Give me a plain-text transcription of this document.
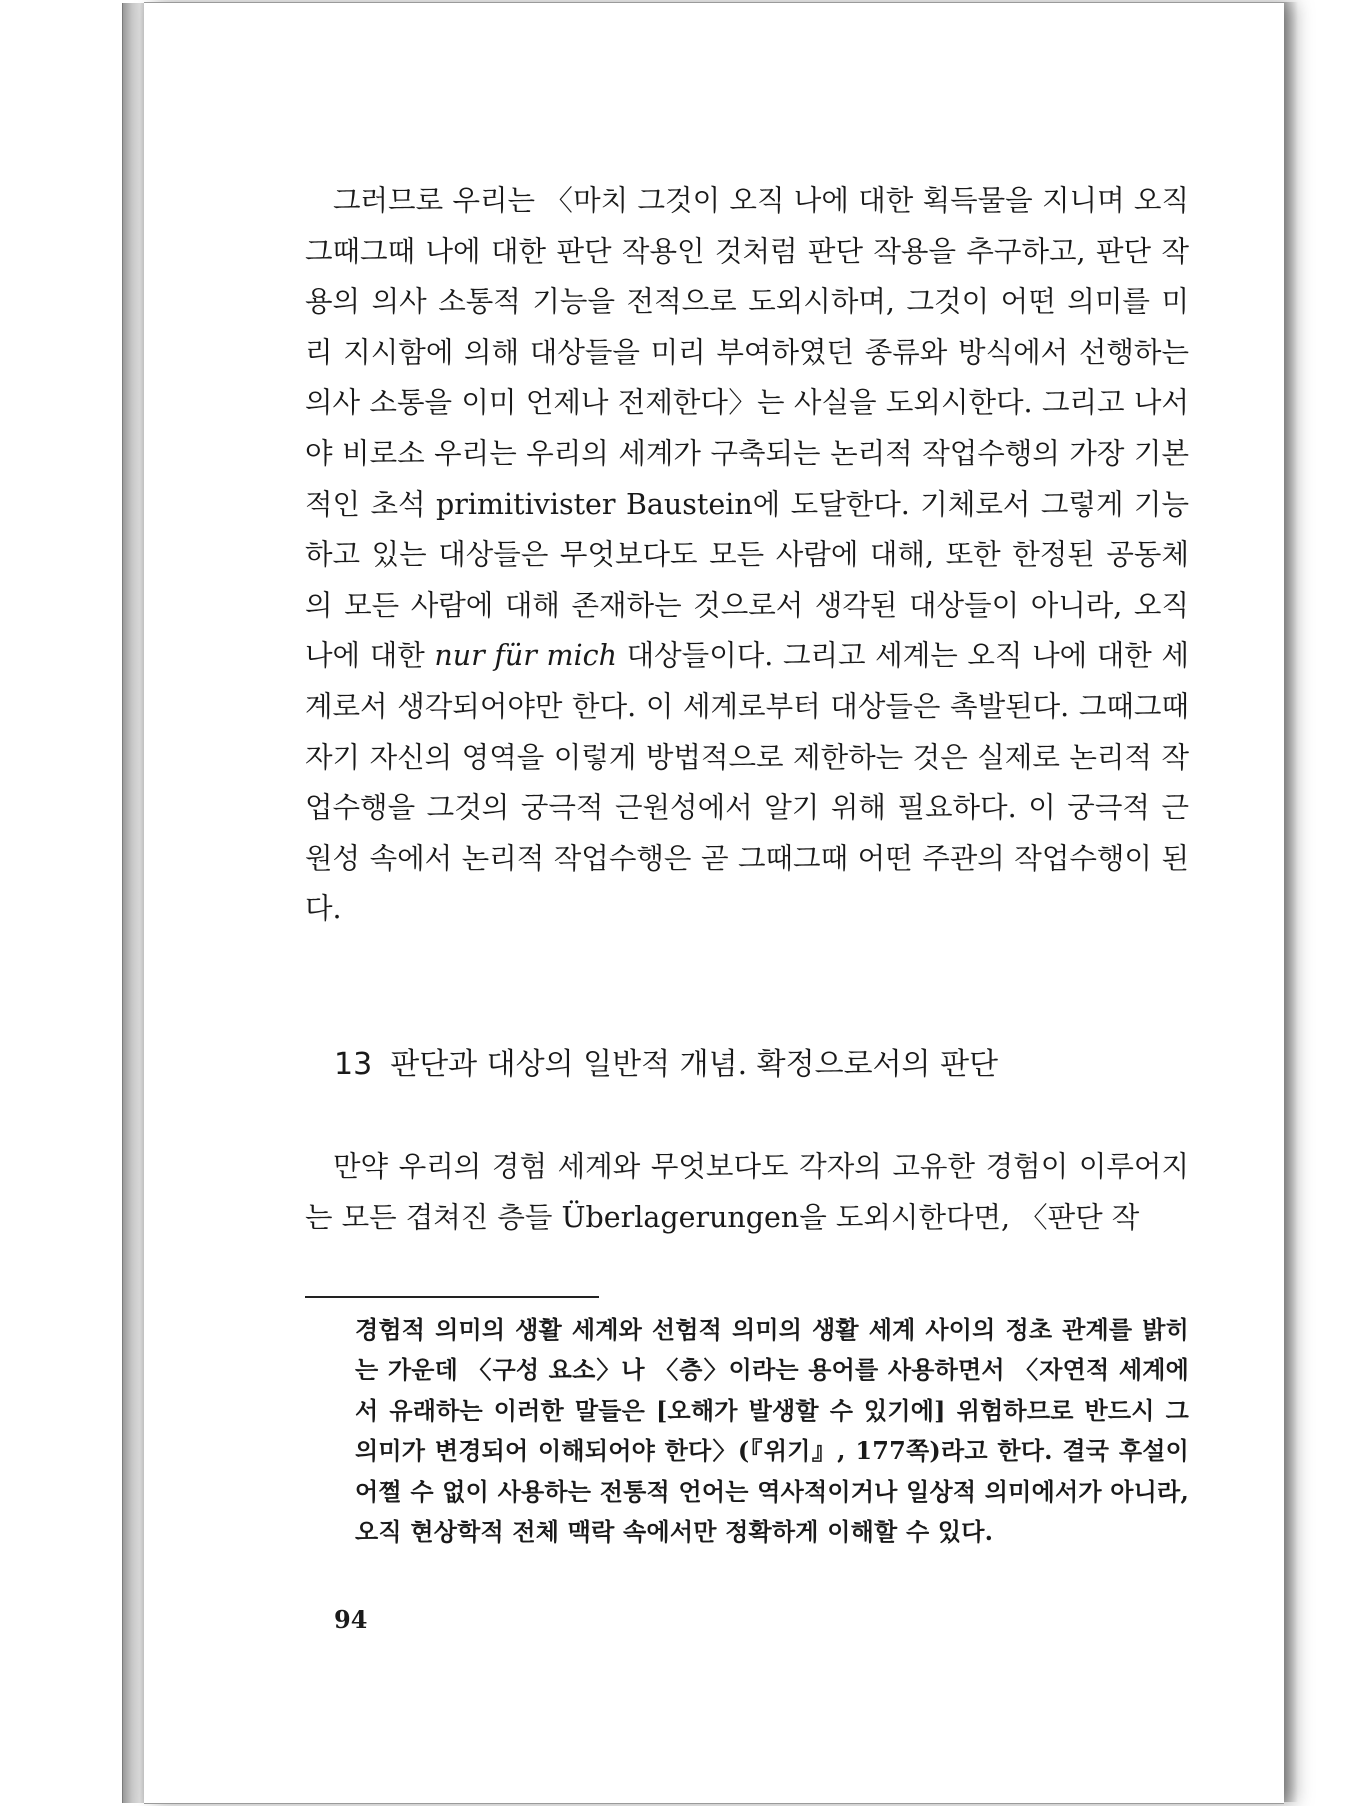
그러므로 우리는 〈마치 그것이 오직 나에 대한 획득물을 지니며 오직 그때그때 나에 대한 판단 작용인 것처럼 판단 작용을 추구하고, 판단 작용의 의사 소통적 기능을 전적으로 도외시하며, 그것이 어떤 의미를 미리 지시함에 의해 대상들을 미리 부여하였던 종류와 방식에서 선행하는 의사 소통을 이미 언제나 전제한다〉는 사실을 도외시한다. 그리고 나서야 비로소 우리는 우리의 세계가 구축되는 논리적 작업수행의 가장 기본적인 초석 primitivister Baustein에 도달한다. 기체로서 그렇게 기능하고 있는 대상들은 무엇보다도 모든 사람에 대해, 또한 한정된 공동체의 모든 사람에 대해 존재하는 것으로서 생각된 대상들이 아니라, 오직 나에 대한 nur für mich 대상들이다. 그리고 세계는 오직 나에 대한 세계로서 생각되어야만 한다. 이 세계로부터 대상들은 촉발된다. 그때그때 자기 자신의 영역을 이렇게 방법적으로 제한하는 것은 실제로 논리적 작업수행을 그것의 궁극적 근원성에서 알기 위해 필요하다. 이 궁극적 근원성 속에서 논리적 작업수행은 곧 그때그때 어떤 주관의 작업수행이 된다.

13 판단과 대상의 일반적 개념. 확정으로서의 판단

만약 우리의 경험 세계와 무엇보다도 각자의 고유한 경험이 이루어지는 모든 겹쳐진 층들 Überlagerungen을 도외시한다면, 〈판단 작

경험적 의미의 생활 세계와 선험적 의미의 생활 세계 사이의 정초 관계를 밝히는 가운데 〈구성 요소〉나 〈층〉이라는 용어를 사용하면서 〈자연적 세계에서 유래하는 이러한 말들은 [오해가 발생할 수 있기에] 위험하므로 반드시 그 의미가 변경되어 이해되어야 한다〉(『위기』, 177쪽)라고 한다. 결국 후설이 어쩔 수 없이 사용하는 전통적 언어는 역사적이거나 일상적 의미에서가 아니라, 오직 현상학적 전체 맥락 속에서만 정확하게 이해할 수 있다.

94
